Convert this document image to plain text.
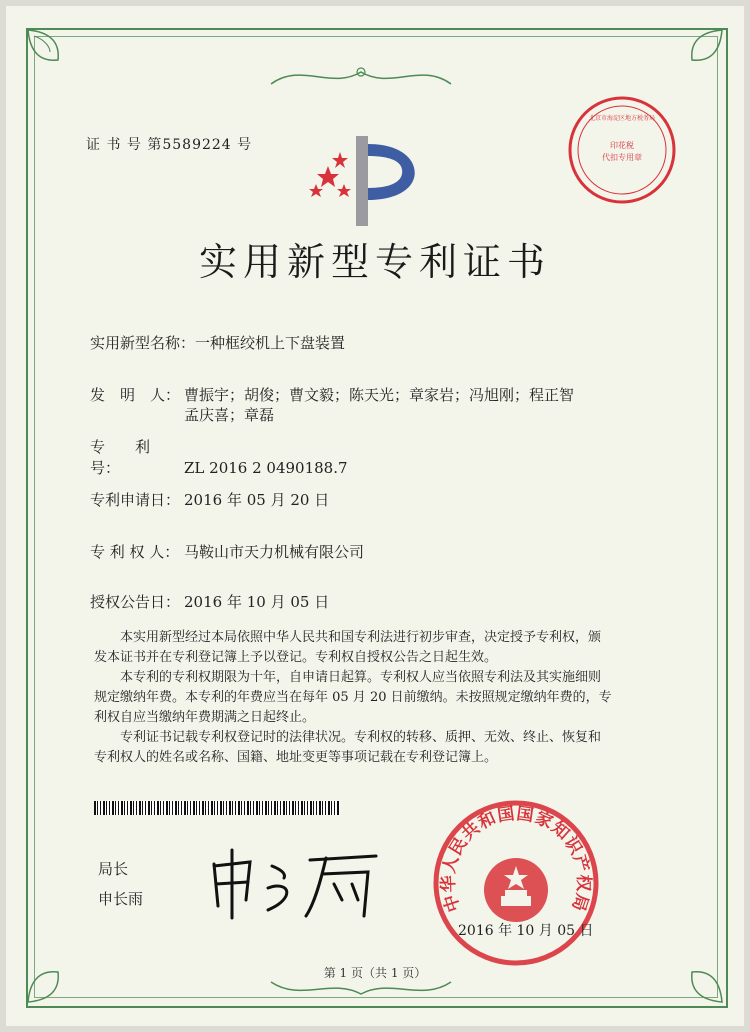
证 书 号 第5589224 号
实用新型专利证书
实用新型名称：一种框绞机上下盘装置
发　明　人： 曹振宇；胡俊；曹文毅；陈天光；章家岩；冯旭刚；程正智
孟庆喜；章磊
专　　利　号：	ZL 2016 2 0490188.7
专利申请日： 2016 年 05 月 20 日
专 利 权 人： 马鞍山市天力机械有限公司
授权公告日： 2016 年 10 月 05 日
本实用新型经过本局依照中华人民共和国专利法进行初步审查，决定授予专利权，颁
发本证书并在专利登记簿上予以登记。专利权自授权公告之日起生效。
本专利的专利权期限为十年，自申请日起算。专利权人应当依照专利法及其实施细则
规定缴纳年费。本专利的年费应当在每年 05 月 20 日前缴纳。未按照规定缴纳年费的，专
利权自应当缴纳年费期满之日起终止。
专利证书记载专利权登记时的法律状况。专利权的转移、质押、无效、终止、恢复和
专利权人的姓名或名称、国籍、地址变更等事项记载在专利登记簿上。
局长
申长雨	中华人民共和国国家知识产权局
印花税
代扣专用章
北京市海淀区地方税务局
2016 年 10 月 05 日
第 1 页（共 1 页）
